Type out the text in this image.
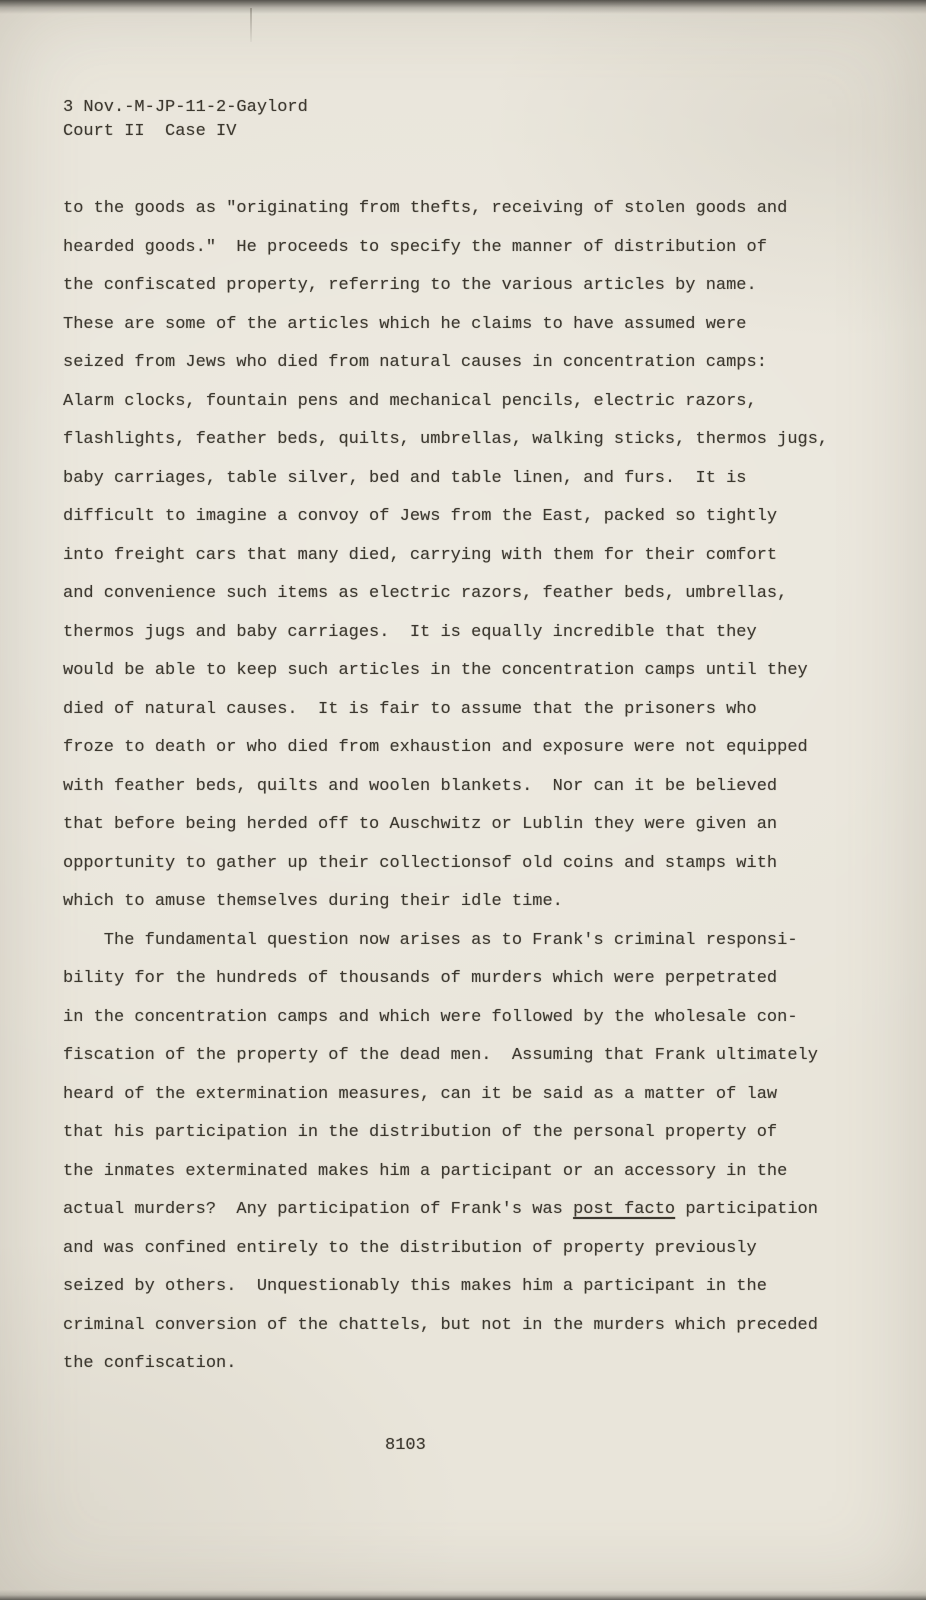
3 Nov.-M-JP-11-2-Gaylord
Court II  Case IV
to the goods as "originating from thefts, receiving of stolen goods and
hearded goods."  He proceeds to specify the manner of distribution of
the confiscated property, referring to the various articles by name.
These are some of the articles which he claims to have assumed were
seized from Jews who died from natural causes in concentration camps:
Alarm clocks, fountain pens and mechanical pencils, electric razors,
flashlights, feather beds, quilts, umbrellas, walking sticks, thermos jugs,
baby carriages, table silver, bed and table linen, and furs.  It is
difficult to imagine a convoy of Jews from the East, packed so tightly
into freight cars that many died, carrying with them for their comfort
and convenience such items as electric razors, feather beds, umbrellas,
thermos jugs and baby carriages.  It is equally incredible that they
would be able to keep such articles in the concentration camps until they
died of natural causes.  It is fair to assume that the prisoners who
froze to death or who died from exhaustion and exposure were not equipped
with feather beds, quilts and woolen blankets.  Nor can it be believed
that before being herded off to Auschwitz or Lublin they were given an
opportunity to gather up their collectionsof old coins and stamps with
which to amuse themselves during their idle time.
The fundamental question now arises as to Frank's criminal responsi-
bility for the hundreds of thousands of murders which were perpetrated
in the concentration camps and which were followed by the wholesale con-
fiscation of the property of the dead men.  Assuming that Frank ultimately
heard of the extermination measures, can it be said as a matter of law
that his participation in the distribution of the personal property of
the inmates exterminated makes him a participant or an accessory in the
actual murders?  Any participation of Frank's was post facto participation
and was confined entirely to the distribution of property previously
seized by others.  Unquestionably this makes him a participant in the
criminal conversion of the chattels, but not in the murders which preceded
the confiscation.
8103
